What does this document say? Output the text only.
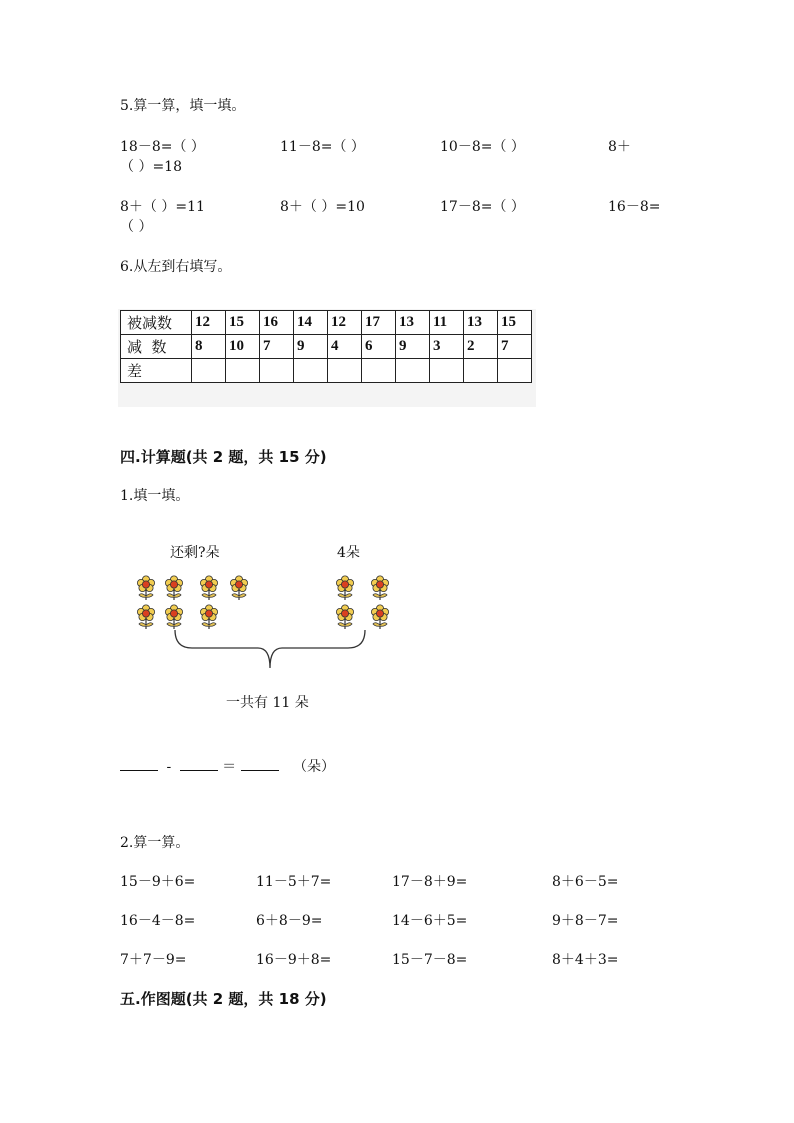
5.算一算，填一填。
18－8=（ ）	11－8=（ ）	10－8=（ ）	8＋
（ ）=18
8＋（ ）=11	8＋（ ）=10	17－8=（ ）	16－8=
（ ）
6.从左到右填写。
被减数	12	15	16	14	12	17	13	11	13	15
减  数	8	10	7	9	4	6	9	3	2	7
差										
四.计算题(共 2 题，共 15 分)
1.填一填。
还剩?朵	4朵
一共有 11 朵
-	＝	（朵）
2.算一算。
15－9＋6=	11－5＋7=	17－8＋9=	8＋6－5=
16－4－8=	6＋8－9=	14－6＋5=	9＋8－7=
7＋7－9=	16－9＋8=	15－7－8=	8＋4＋3=
五.作图题(共 2 题，共 18 分)
